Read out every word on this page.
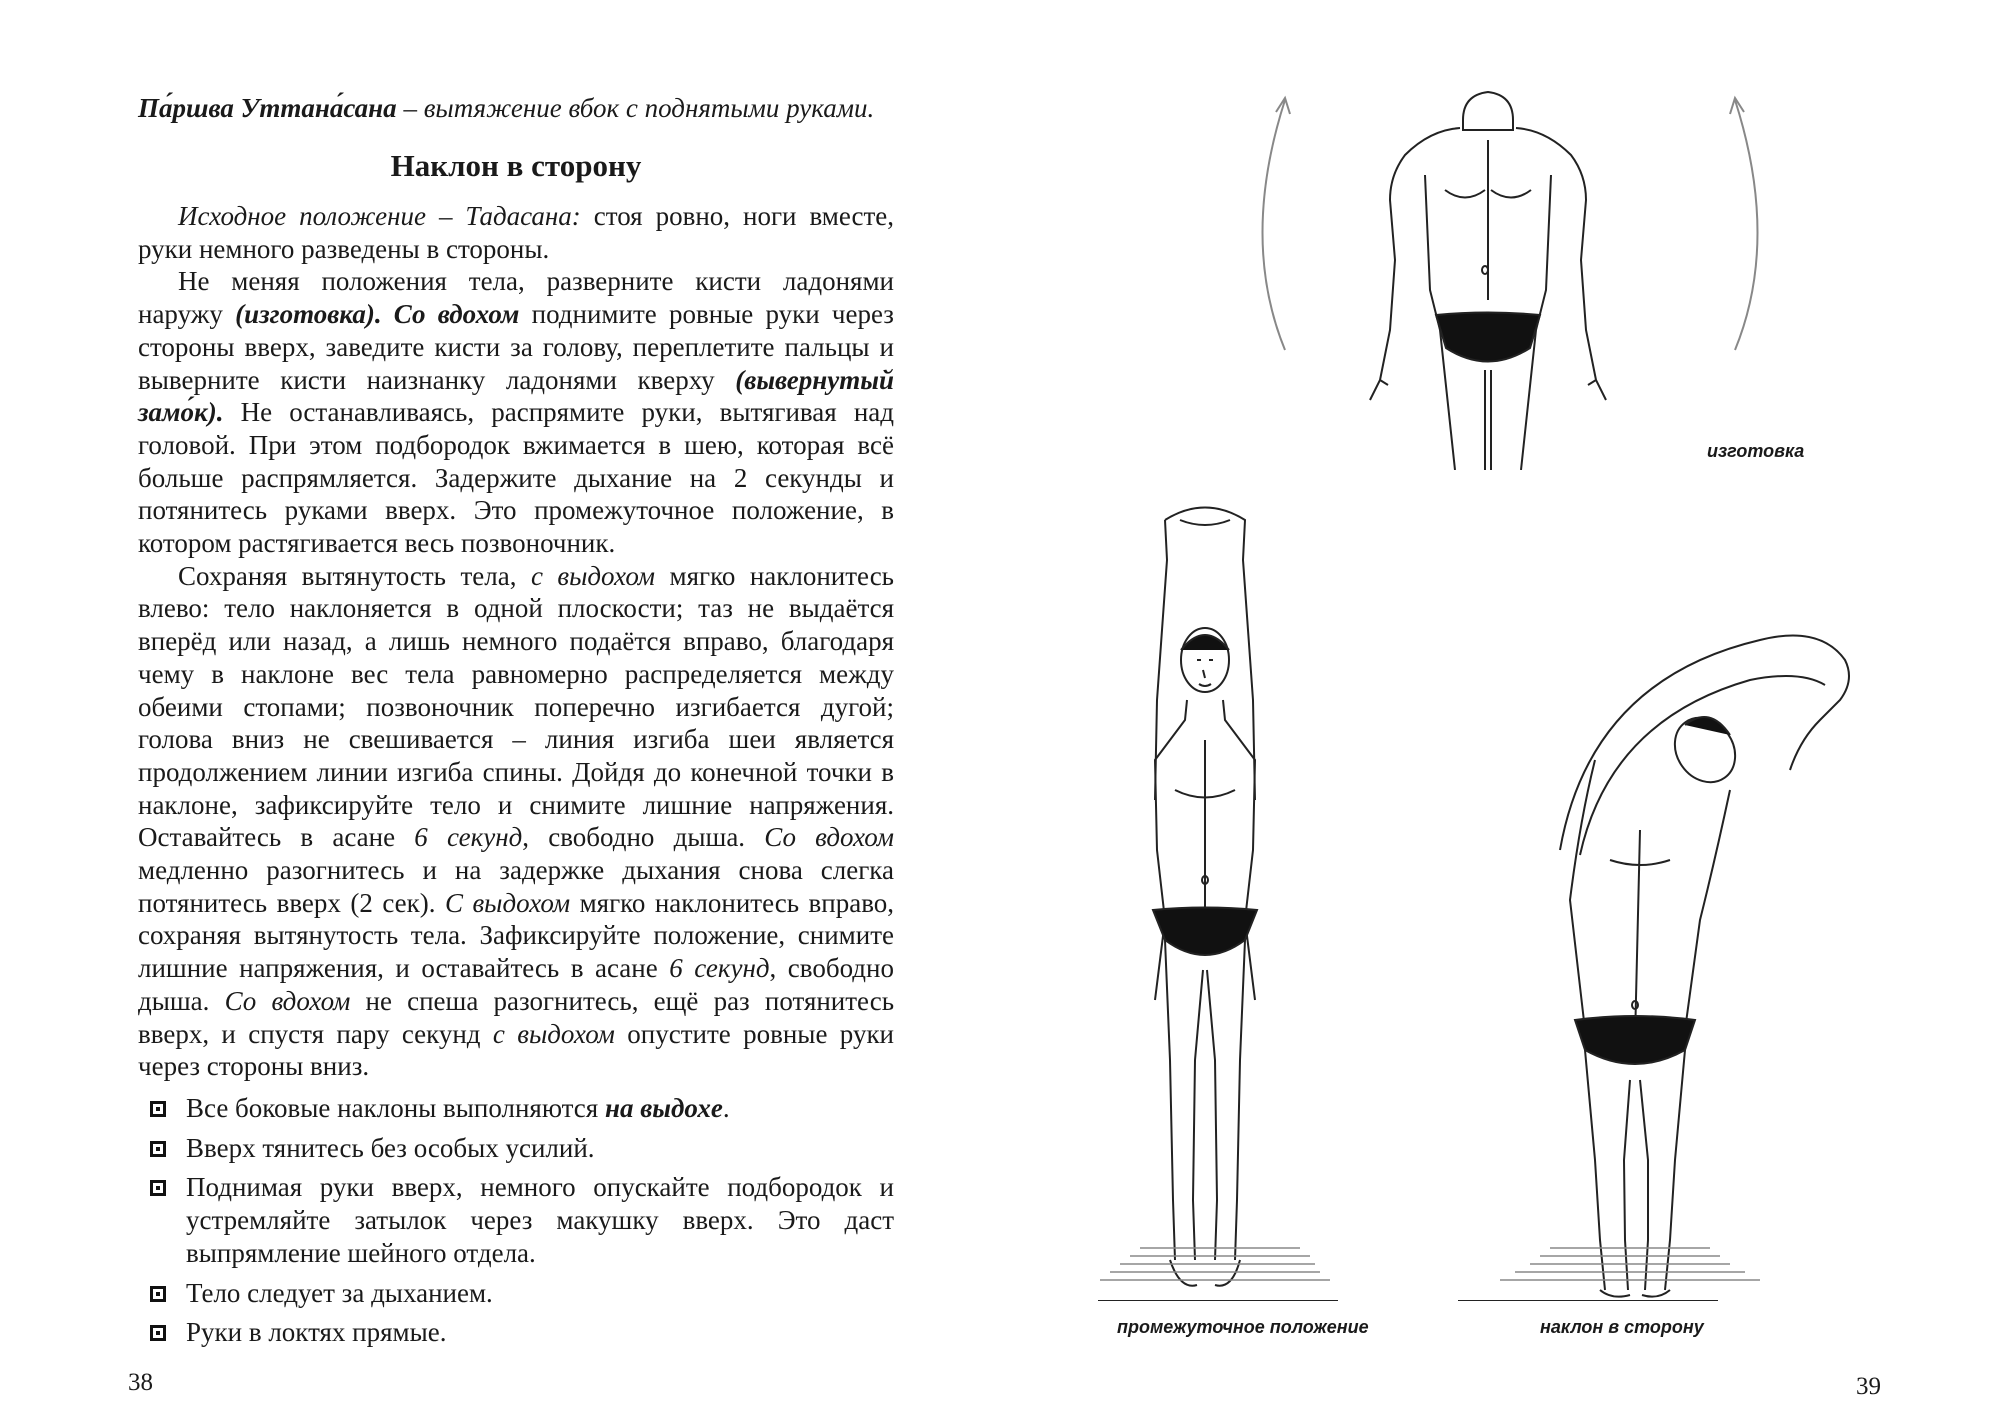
Па́ршва Уттана́сана – вытяжение вбок с поднятыми руками.
Наклон в сторону

Исходное положение – Тадасана: стоя ровно, ноги вместе, руки немного разведены в стороны.

Не меняя положения тела, разверните кисти ладонями наружу (изготовка). Со вдохом поднимите ровные руки через стороны вверх, заведите кисти за голову, переплетите пальцы и выверните кисти наизнанку ладонями кверху (вывернутый замо́к). Не останавливаясь, распрямите руки, вытягивая над головой. При этом подбородок вжимается в шею, которая всё больше распрямляется. Задержите дыхание на 2 секунды и потянитесь руками вверх. Это промежуточное положение, в котором растягивается весь позвоночник.

Сохраняя вытянутость тела, с выдохом мягко наклонитесь влево: тело наклоняется в одной плоскости; таз не выдаётся вперёд или назад, а лишь немного подаётся вправо, благодаря чему в наклоне вес тела равномерно распределяется между обеими стопами; позвоночник поперечно изгибается дугой; голова вниз не свешивается – линия изгиба шеи является продолжением линии изгиба спины. Дойдя до конечной точки в наклоне, зафиксируйте тело и снимите лишние напряжения. Оставайтесь в асане 6 секунд, свободно дыша. Со вдохом медленно разогнитесь и на задержке дыхания снова слегка потянитесь вверх (2 сек). С выдохом мягко наклонитесь вправо, сохраняя вытянутость тела. Зафиксируйте положение, снимите лишние напряжения, и оставайтесь в асане 6 секунд, свободно дыша. Со вдохом не спеша разогнитесь, ещё раз потянитесь вверх, и спустя пару секунд с выдохом опустите ровные руки через стороны вниз.

Все боковые наклоны выполняются на выдохе.
Вверх тянитесь без особых усилий.
Поднимая руки вверх, немного опускайте подбородок и устремляйте затылок через макушку вверх. Это даст выпрямление шейного отдела.
Тело следует за дыханием.
Руки в локтях прямые.
38
изготовка
промежуточное положение	наклон в сторону
39
